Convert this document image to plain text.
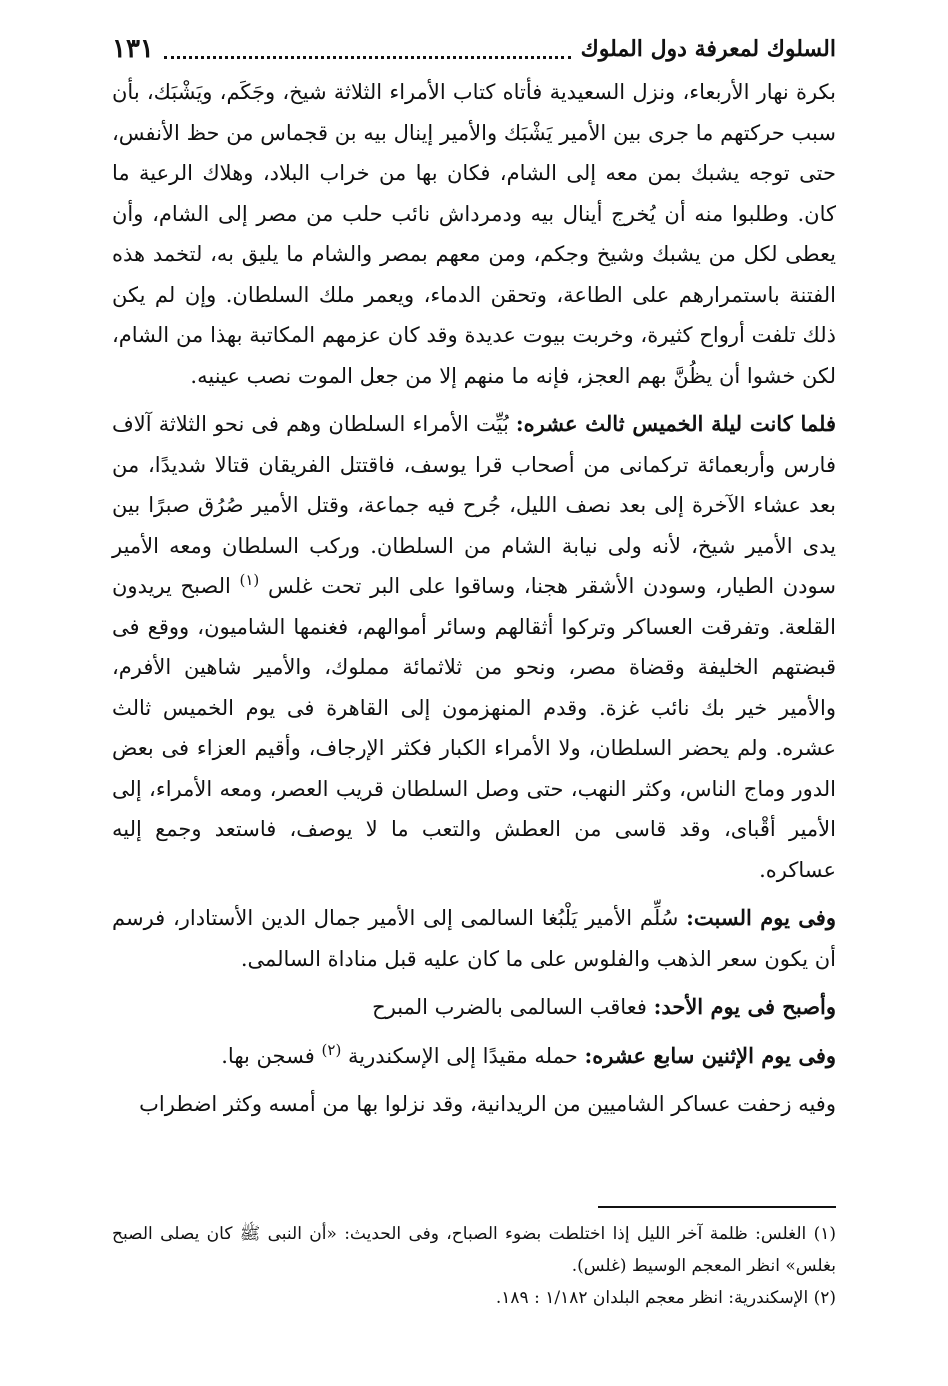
السلوك لمعرفة دول الملوك
١٣١

بكرة نهار الأربعاء، ونزل السعيدية فأتاه كتاب الأمراء الثلاثة شيخ، وجَكَم، ويَشْبَك، بأن سبب حركتهم ما جرى بين الأمير يَشْبَك والأمير إينال بيه بن قجماس من حظ الأنفس، حتى توجه يشبك بمن معه إلى الشام، فكان بها من خراب البلاد، وهلاك الرعية ما كان. وطلبوا منه أن يُخرج أينال بيه ودمرداش نائب حلب من مصر إلى الشام، وأن يعطى لكل من يشبك وشيخ وجكم، ومن معهم بمصر والشام ما يليق به، لتخمد هذه الفتنة باستمرارهم على الطاعة، وتحقن الدماء، ويعمر ملك السلطان. وإن لم يكن ذلك تلفت أرواح كثيرة، وخربت بيوت عديدة وقد كان عزمهم المكاتبة بهذا من الشام، لكن خشوا أن يظُنَّ بهم العجز، فإنه ما منهم إلا من جعل الموت نصب عينيه.

فلما كانت ليلة الخميس ثالث عشره: بُيِّت الأمراء السلطان وهم فى نحو الثلاثة آلاف فارس وأربعمائة تركمانى من أصحاب قرا يوسف، فاقتتل الفريقان قتالا شديدًا، من بعد عشاء الآخرة إلى بعد نصف الليل، جُرح فيه جماعة، وقتل الأمير صُرُق صبرًا بين يدى الأمير شيخ، لأنه ولى نيابة الشام من السلطان. وركب السلطان ومعه الأمير سودن الطيار، وسودن الأشقر هجنا، وساقوا على البر تحت غلس $^{(١)}$ الصبح يريدون القلعة. وتفرقت العساكر وتركوا أثقالهم وسائر أموالهم، فغنمها الشاميون، ووقع فى قبضتهم الخليفة وقضاة مصر، ونحو من ثلاثمائة مملوك، والأمير شاهين الأفرم، والأمير خير بك نائب غزة. وقدم المنهزمون إلى القاهرة فى يوم الخميس ثالث عشره. ولم يحضر السلطان، ولا الأمراء الكبار فكثر الإرجاف، وأقيم العزاء فى بعض الدور وماج الناس، وكثر النهب، حتى وصل السلطان قريب العصر، ومعه الأمراء، إلى الأمير أقْباى، وقد قاسى من العطش والتعب ما لا يوصف، فاستعد وجمع إليه عساكره.

وفى يوم السبت: سُلِّم الأمير يَلْبُغا السالمى إلى الأمير جمال الدين الأستادار، فرسم أن يكون سعر الذهب والفلوس على ما كان عليه قبل مناداة السالمى.

وأصبح فى يوم الأحد: فعاقب السالمى بالضرب المبرح

وفى يوم الإثنين سابع عشره: حمله مقيدًا إلى الإسكندرية $^{(٢)}$ فسجن بها.

وفيه زحفت عساكر الشاميين من الريدانية، وقد نزلوا بها من أمسه وكثر اضطراب

(١) الغلس: ظلمة آخر الليل إذا اختلطت بضوء الصباح، وفى الحديث: «أن النبى ﷺ كان يصلى الصبح بغلس» انظر المعجم الوسيط (غلس).

(٢) الإسكندرية: انظر معجم البلدان ١/١٨٢ : ١٨٩.
